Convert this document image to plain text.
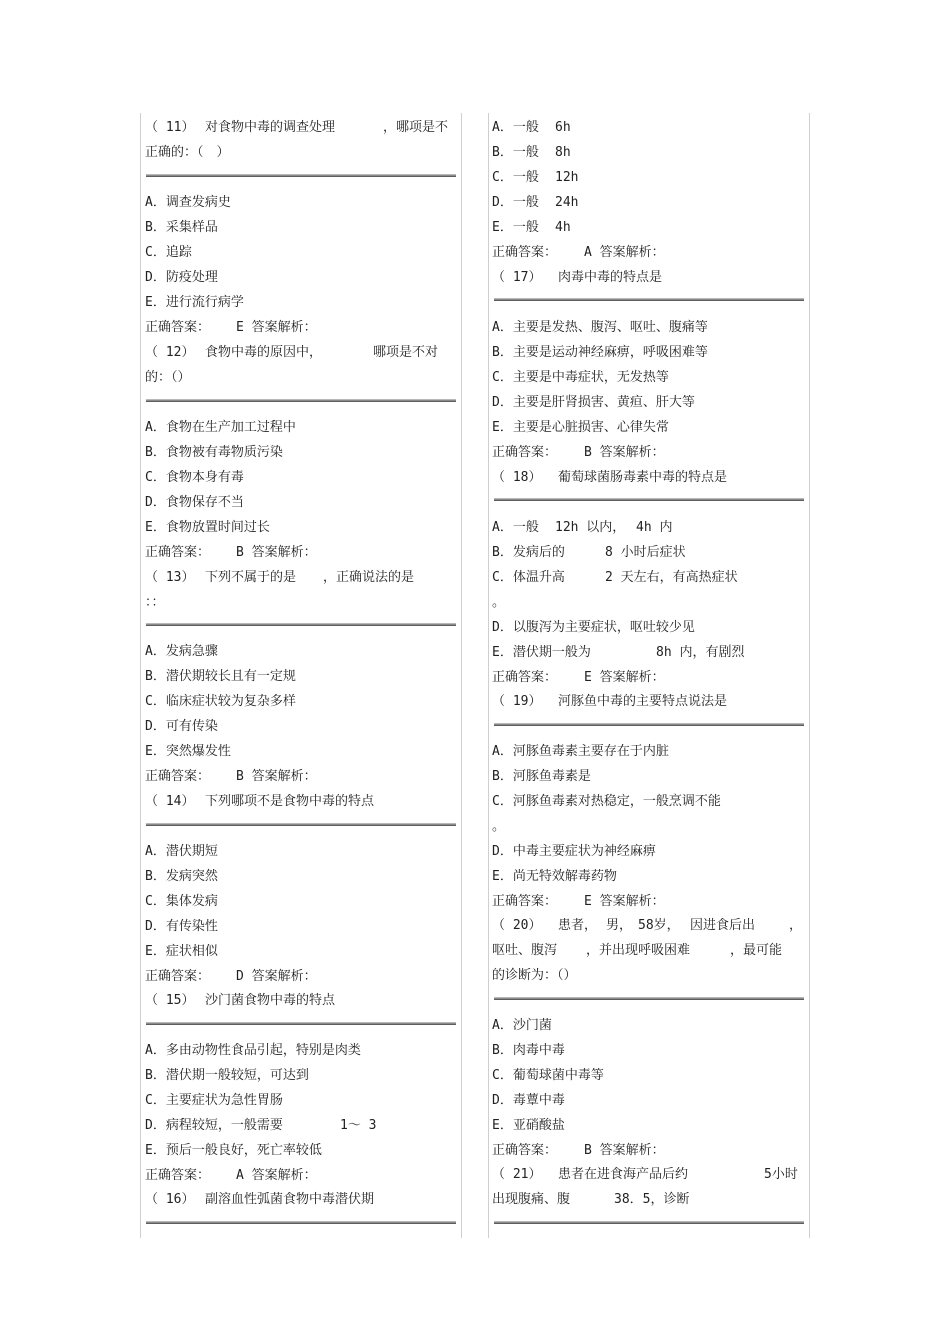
（ 11） 对食物中毒的调查处理	，哪项是不
正确的：（　）
A．调查发病史
B．采集样品
C．追踪
D．防疫处理
E．进行流行病学
正确答案： E 答案解析：
（ 12） 食物中毒的原因中，	哪项是不对
的：（）
A．食物在生产加工过程中
B．食物被有毒物质污染
C．食物本身有毒
D．食物保存不当
E．食物放置时间过长
正确答案： B 答案解析：
（ 13） 下列不属于的是 ，正确说法的是
：：
A．发病急骤
B．潜伏期较长且有一定规
C．临床症状较为复杂多样
D．可有传染
E．突然爆发性
正确答案： B 答案解析：
（ 14） 下列哪项不是食物中毒的特点
A．潜伏期短
B．发病突然
C．集体发病
D．有传染性
E．症状相似
正确答案： D 答案解析：
（ 15） 沙门菌食物中毒的特点
A．多由动物性食品引起，特别是肉类
B．潜伏期一般较短，可达到
C．主要症状为急性胃肠
D．病程较短，一般需要	1～ 3
E．预后一般良好，死亡率较低
正确答案： A 答案解析：
（ 16） 副溶血性弧菌食物中毒潜伏期
A．一般 6h
B．一般 8h
C．一般 12h
D．一般 24h
E．一般 4h
正确答案： A 答案解析：
（ 17） 肉毒中毒的特点是
A．主要是发热、腹泻、呕吐、腹痛等
B．主要是运动神经麻痹，呼吸困难等
C．主要是中毒症状，无发热等
D．主要是肝肾损害、黄疸、肝大等
E．主要是心脏损害、心律失常
正确答案： B 答案解析：
（ 18） 葡萄球菌肠毒素中毒的特点是
A．一般 12h 以内， 4h 内
B．发病后的	8 小时后症状
C．体温升高	2 天左右，有高热症状
。
D．以腹泻为主要症状，呕吐较少见
E．潜伏期一般为	8h 内，有剧烈
正确答案： E 答案解析：
（ 19） 河豚鱼中毒的主要特点说法是
A．河豚鱼毒素主要存在于内脏
B．河豚鱼毒素是
C．河豚鱼毒素对热稳定，一般烹调不能
。
D．中毒主要症状为神经麻痹
E．尚无特效解毒药物
正确答案： E 答案解析：
（ 20） 患者， 男， 58岁， 因进食后出	，
呕吐、腹泻 ，并出现呼吸困难	，最可能
的诊断为：（）
A．沙门菌
B．肉毒中毒
C．葡萄球菌中毒等
D．毒蕈中毒
E．亚硝酸盐
正确答案： B 答案解析：
（ 21） 患者在进食海产品后约	5小时
出现腹痛、腹	38．5，诊断
